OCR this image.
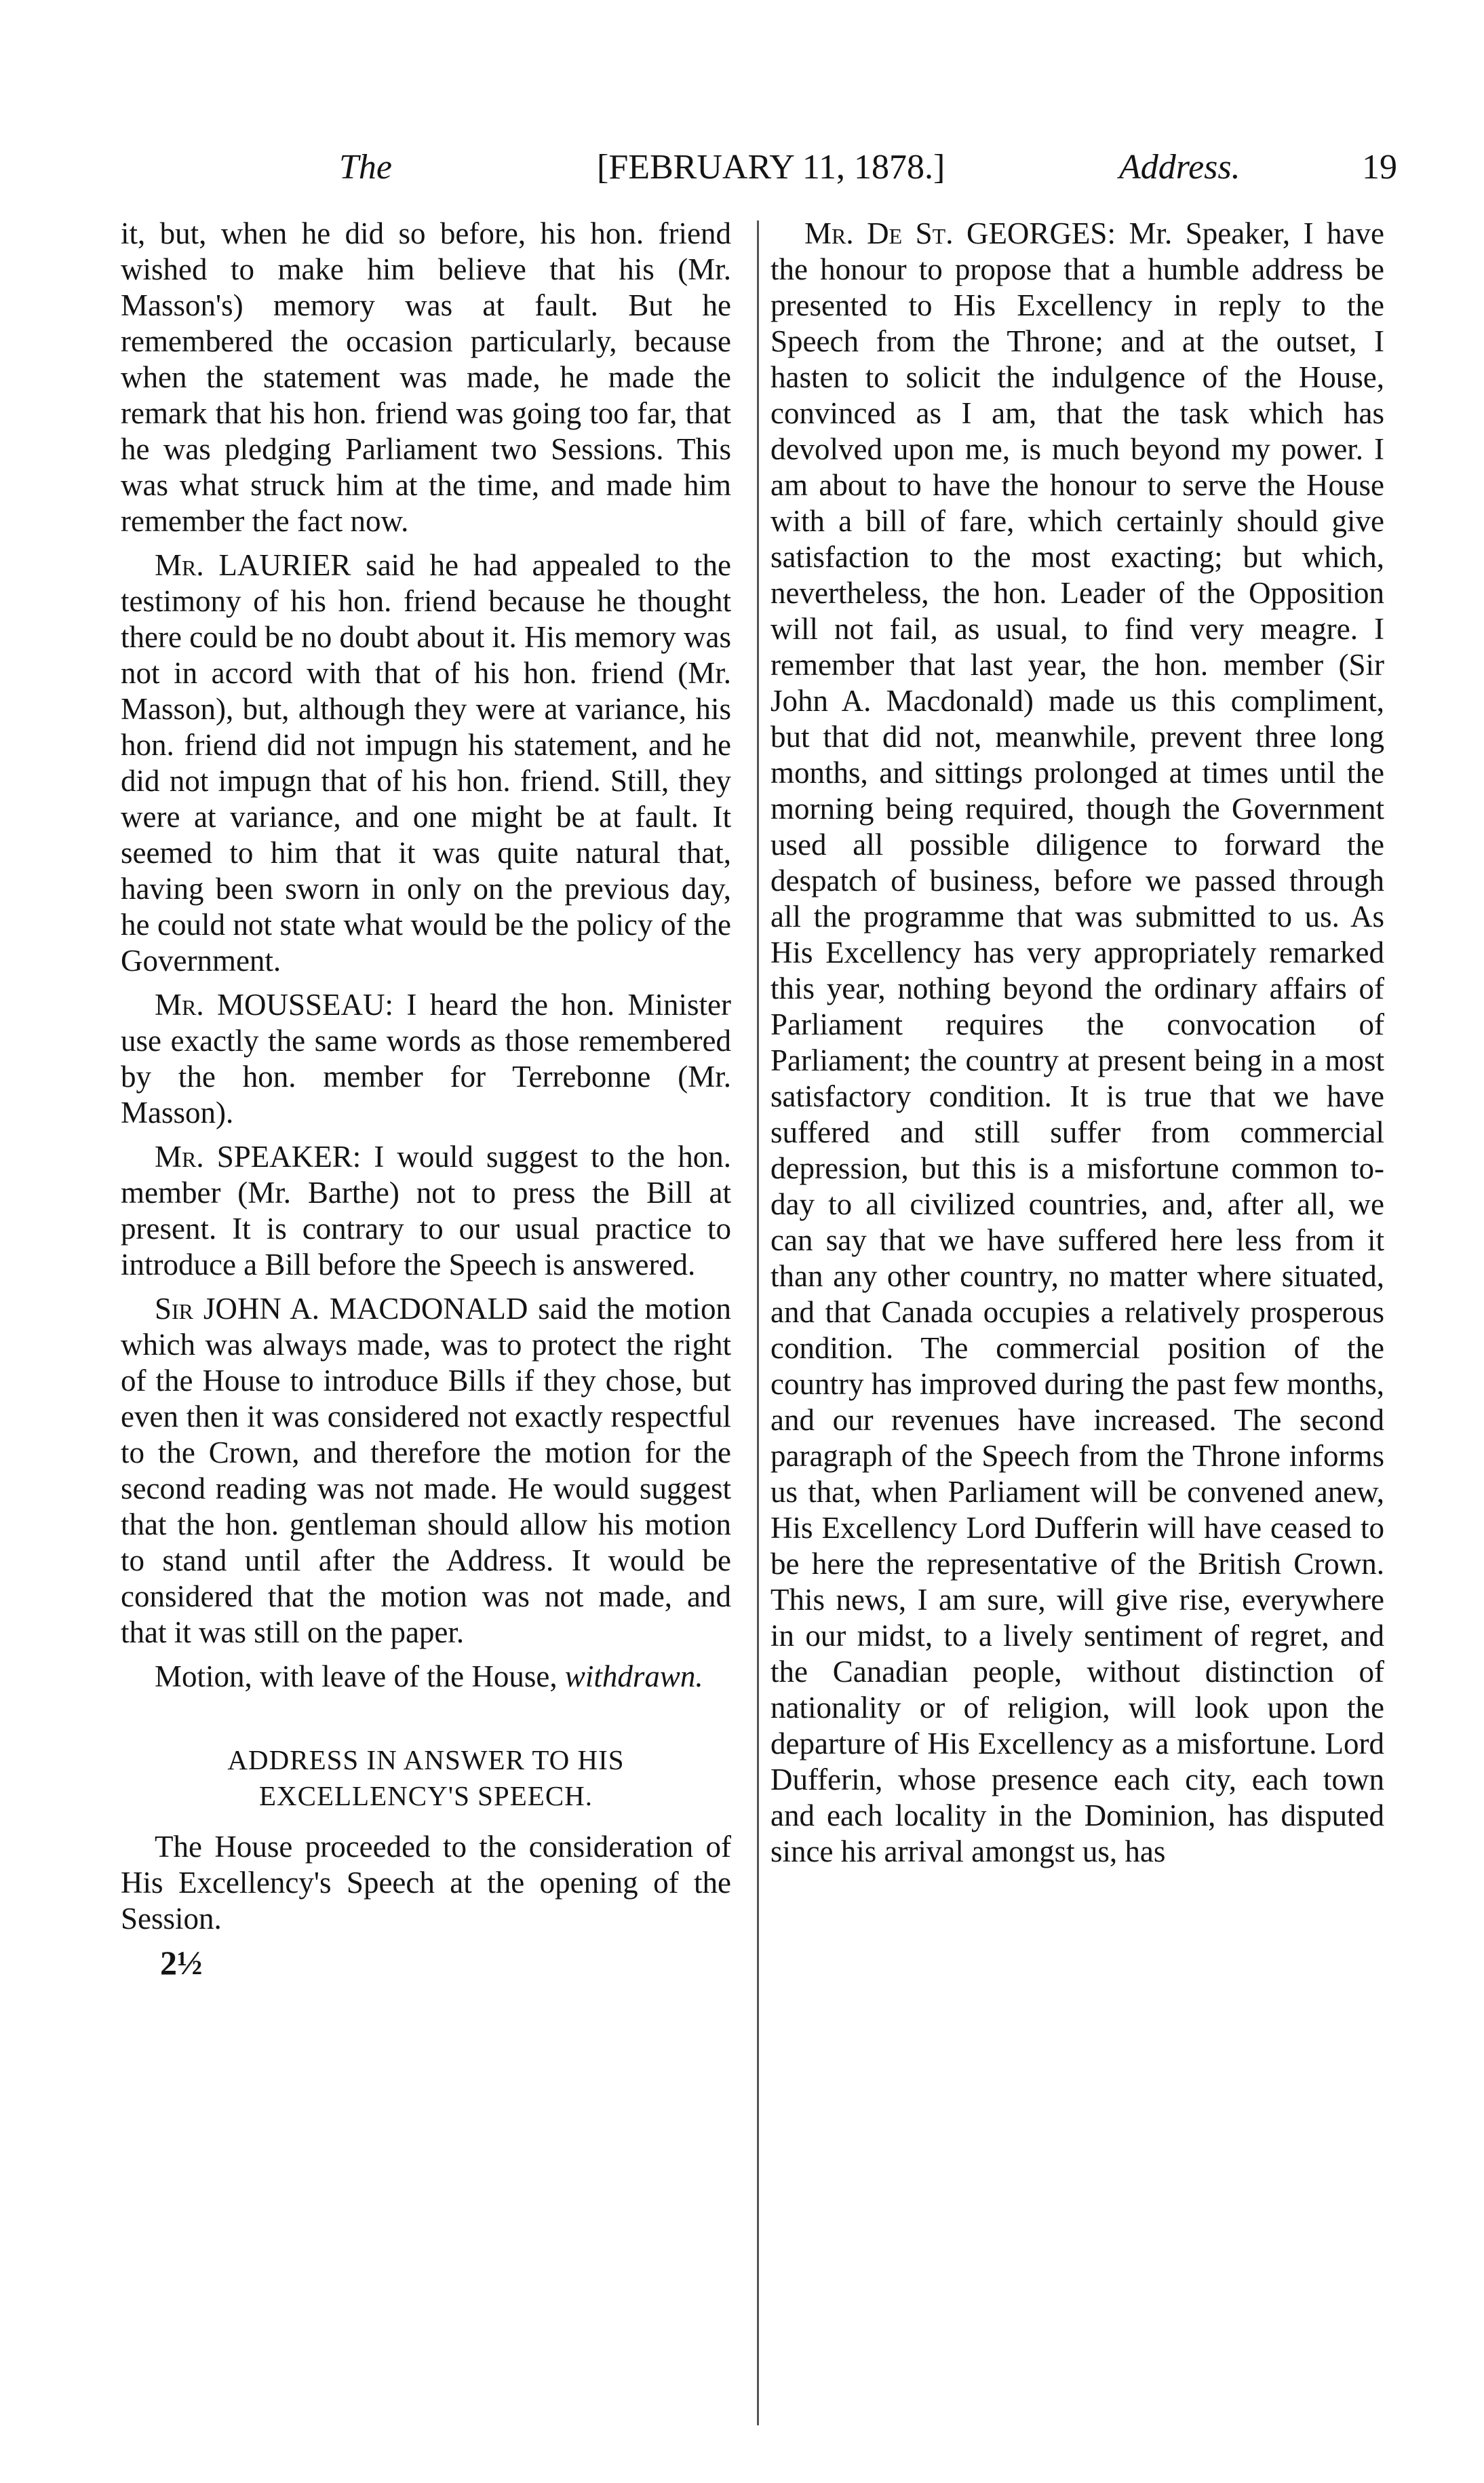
The	[FEBRUARY 11, 1878.]	Address.	19

it, but, when he did so before, his hon. friend wished to make him believe that his (Mr. Masson's) memory was at fault. But he remembered the occasion particularly, because when the statement was made, he made the remark that his hon. friend was going too far, that he was pledging Parliament two Sessions. This was what struck him at the time, and made him remember the fact now.

Mr. LAURIER said he had appealed to the testimony of his hon. friend because he thought there could be no doubt about it. His memory was not in accord with that of his hon. friend (Mr. Masson), but, although they were at variance, his hon. friend did not impugn his statement, and he did not impugn that of his hon. friend. Still, they were at variance, and one might be at fault. It seemed to him that it was quite natural that, having been sworn in only on the previous day, he could not state what would be the policy of the Government.

Mr. MOUSSEAU: I heard the hon. Minister use exactly the same words as those remembered by the hon. member for Terrebonne (Mr. Masson).

Mr. SPEAKER: I would suggest to the hon. member (Mr. Barthe) not to press the Bill at present. It is contrary to our usual practice to introduce a Bill before the Speech is answered.

Sir JOHN A. MACDONALD said the motion which was always made, was to protect the right of the House to introduce Bills if they chose, but even then it was considered not exactly respectful to the Crown, and therefore the motion for the second reading was not made. He would suggest that the hon. gentleman should allow his motion to stand until after the Address. It would be considered that the motion was not made, and that it was still on the paper.

Motion, with leave of the House, withdrawn.

ADDRESS IN ANSWER TO HIS EXCELLENCY'S SPEECH.

The House proceeded to the consideration of His Excellency's Speech at the opening of the Session.

2½

Mr. De St. GEORGES: Mr. Speaker, I have the honour to propose that a humble address be presented to His Excellency in reply to the Speech from the Throne; and at the outset, I hasten to solicit the indulgence of the House, convinced as I am, that the task which has devolved upon me, is much beyond my power. I am about to have the honour to serve the House with a bill of fare, which certainly should give satisfaction to the most exacting; but which, nevertheless, the hon. Leader of the Opposition will not fail, as usual, to find very meagre. I remember that last year, the hon. member (Sir John A. Macdonald) made us this compliment, but that did not, meanwhile, prevent three long months, and sittings prolonged at times until the morning being required, though the Government used all possible diligence to forward the despatch of business, before we passed through all the programme that was submitted to us. As His Excellency has very appropriately remarked this year, nothing beyond the ordinary affairs of Parliament requires the convocation of Parliament; the country at present being in a most satisfactory condition. It is true that we have suffered and still suffer from commercial depression, but this is a misfortune common to-day to all civilized countries, and, after all, we can say that we have suffered here less from it than any other country, no matter where situated, and that Canada occupies a relatively prosperous condition. The commercial position of the country has improved during the past few months, and our revenues have increased. The second paragraph of the Speech from the Throne informs us that, when Parliament will be convened anew, His Excellency Lord Dufferin will have ceased to be here the representative of the British Crown. This news, I am sure, will give rise, everywhere in our midst, to a lively sentiment of regret, and the Canadian people, without distinction of nationality or of religion, will look upon the departure of His Excellency as a misfortune. Lord Dufferin, whose presence each city, each town and each locality in the Dominion, has disputed since his arrival amongst us, has
